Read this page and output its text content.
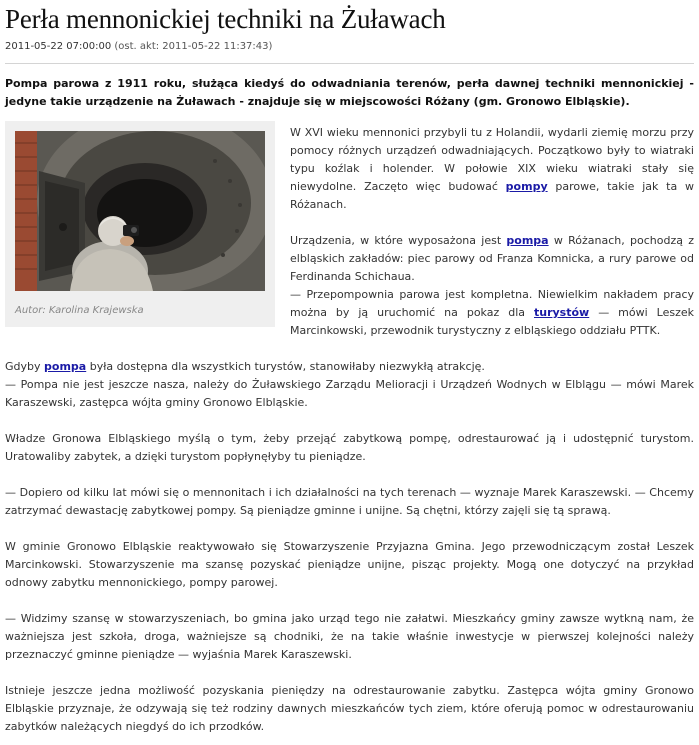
Perła mennonickiej techniki na Żuławach
2011-05-22 07:00:00 (ost. akt: 2011-05-22 11:37:43)

Pompa parowa z 1911 roku, służąca kiedyś do odwadniania terenów, perła dawnej techniki mennonickiej - jedyne takie urządzenie na Żuławach - znajduje się w miejscowości Różany (gm. Gronowo Elbląskie).

Autor: Karolina Krajewska

W XVI wieku mennonici przybyli tu z Holandii, wydarli ziemię morzu przy pomocy różnych urządzeń odwadniających. Początkowo były to wiatraki typu koźlak i holender. W połowie XIX wieku wiatraki stały się niewydolne. Zaczęto więc budować pompy parowe, takie jak ta w Różanach.

Urządzenia, w które wyposażona jest pompa w Różanach, pochodzą z elbląskich zakładów: piec parowy od Franza Komnicka, a rury parowe od Ferdinanda Schichaua.
— Przepompownia parowa jest kompletna. Niewielkim nakładem pracy można by ją uruchomić na pokaz dla turystów — mówi Leszek Marcinkowski, przewodnik turystyczny z elbląskiego oddziału PTTK.

Gdyby pompa była dostępna dla wszystkich turystów, stanowiłaby niezwykłą atrakcję.
— Pompa nie jest jeszcze nasza, należy do Żuławskiego Zarządu Melioracji i Urządzeń Wodnych w Elblągu — mówi Marek Karaszewski, zastępca wójta gminy Gronowo Elbląskie.

Władze Gronowa Elbląskiego myślą o tym, żeby przejąć zabytkową pompę, odrestaurować ją i udostępnić turystom. Uratowaliby zabytek, a dzięki turystom popłynęłyby tu pieniądze.

— Dopiero od kilku lat mówi się o mennonitach i ich działalności na tych terenach — wyznaje Marek Karaszewski. — Chcemy zatrzymać dewastację zabytkowej pompy. Są pieniądze gminne i unijne. Są chętni, którzy zajęli się tą sprawą.

W gminie Gronowo Elbląskie reaktywowało się Stowarzyszenie Przyjazna Gmina. Jego przewodniczącym został Leszek Marcinkowski. Stowarzyszenie ma szansę pozyskać pieniądze unijne, pisząc projekty. Mogą one dotyczyć na przykład odnowy zabytku mennonickiego, pompy parowej.

— Widzimy szansę w stowarzyszeniach, bo gmina jako urząd tego nie załatwi. Mieszkańcy gminy zawsze wytkną nam, że ważniejsza jest szkoła, droga, ważniejsze są chodniki, że na takie właśnie inwestycje w pierwszej kolejności należy przeznaczyć gminne pieniądze — wyjaśnia Marek Karaszewski.

Istnieje jeszcze jedna możliwość pozyskania pieniędzy na odrestaurowanie zabytku. Zastępca wójta gminy Gronowo Elbląskie przyznaje, że odzywają się też rodziny dawnych mieszkańców tych ziem, które oferują pomoc w odrestaurowaniu zabytków należących niegdyś do ich przodków.
